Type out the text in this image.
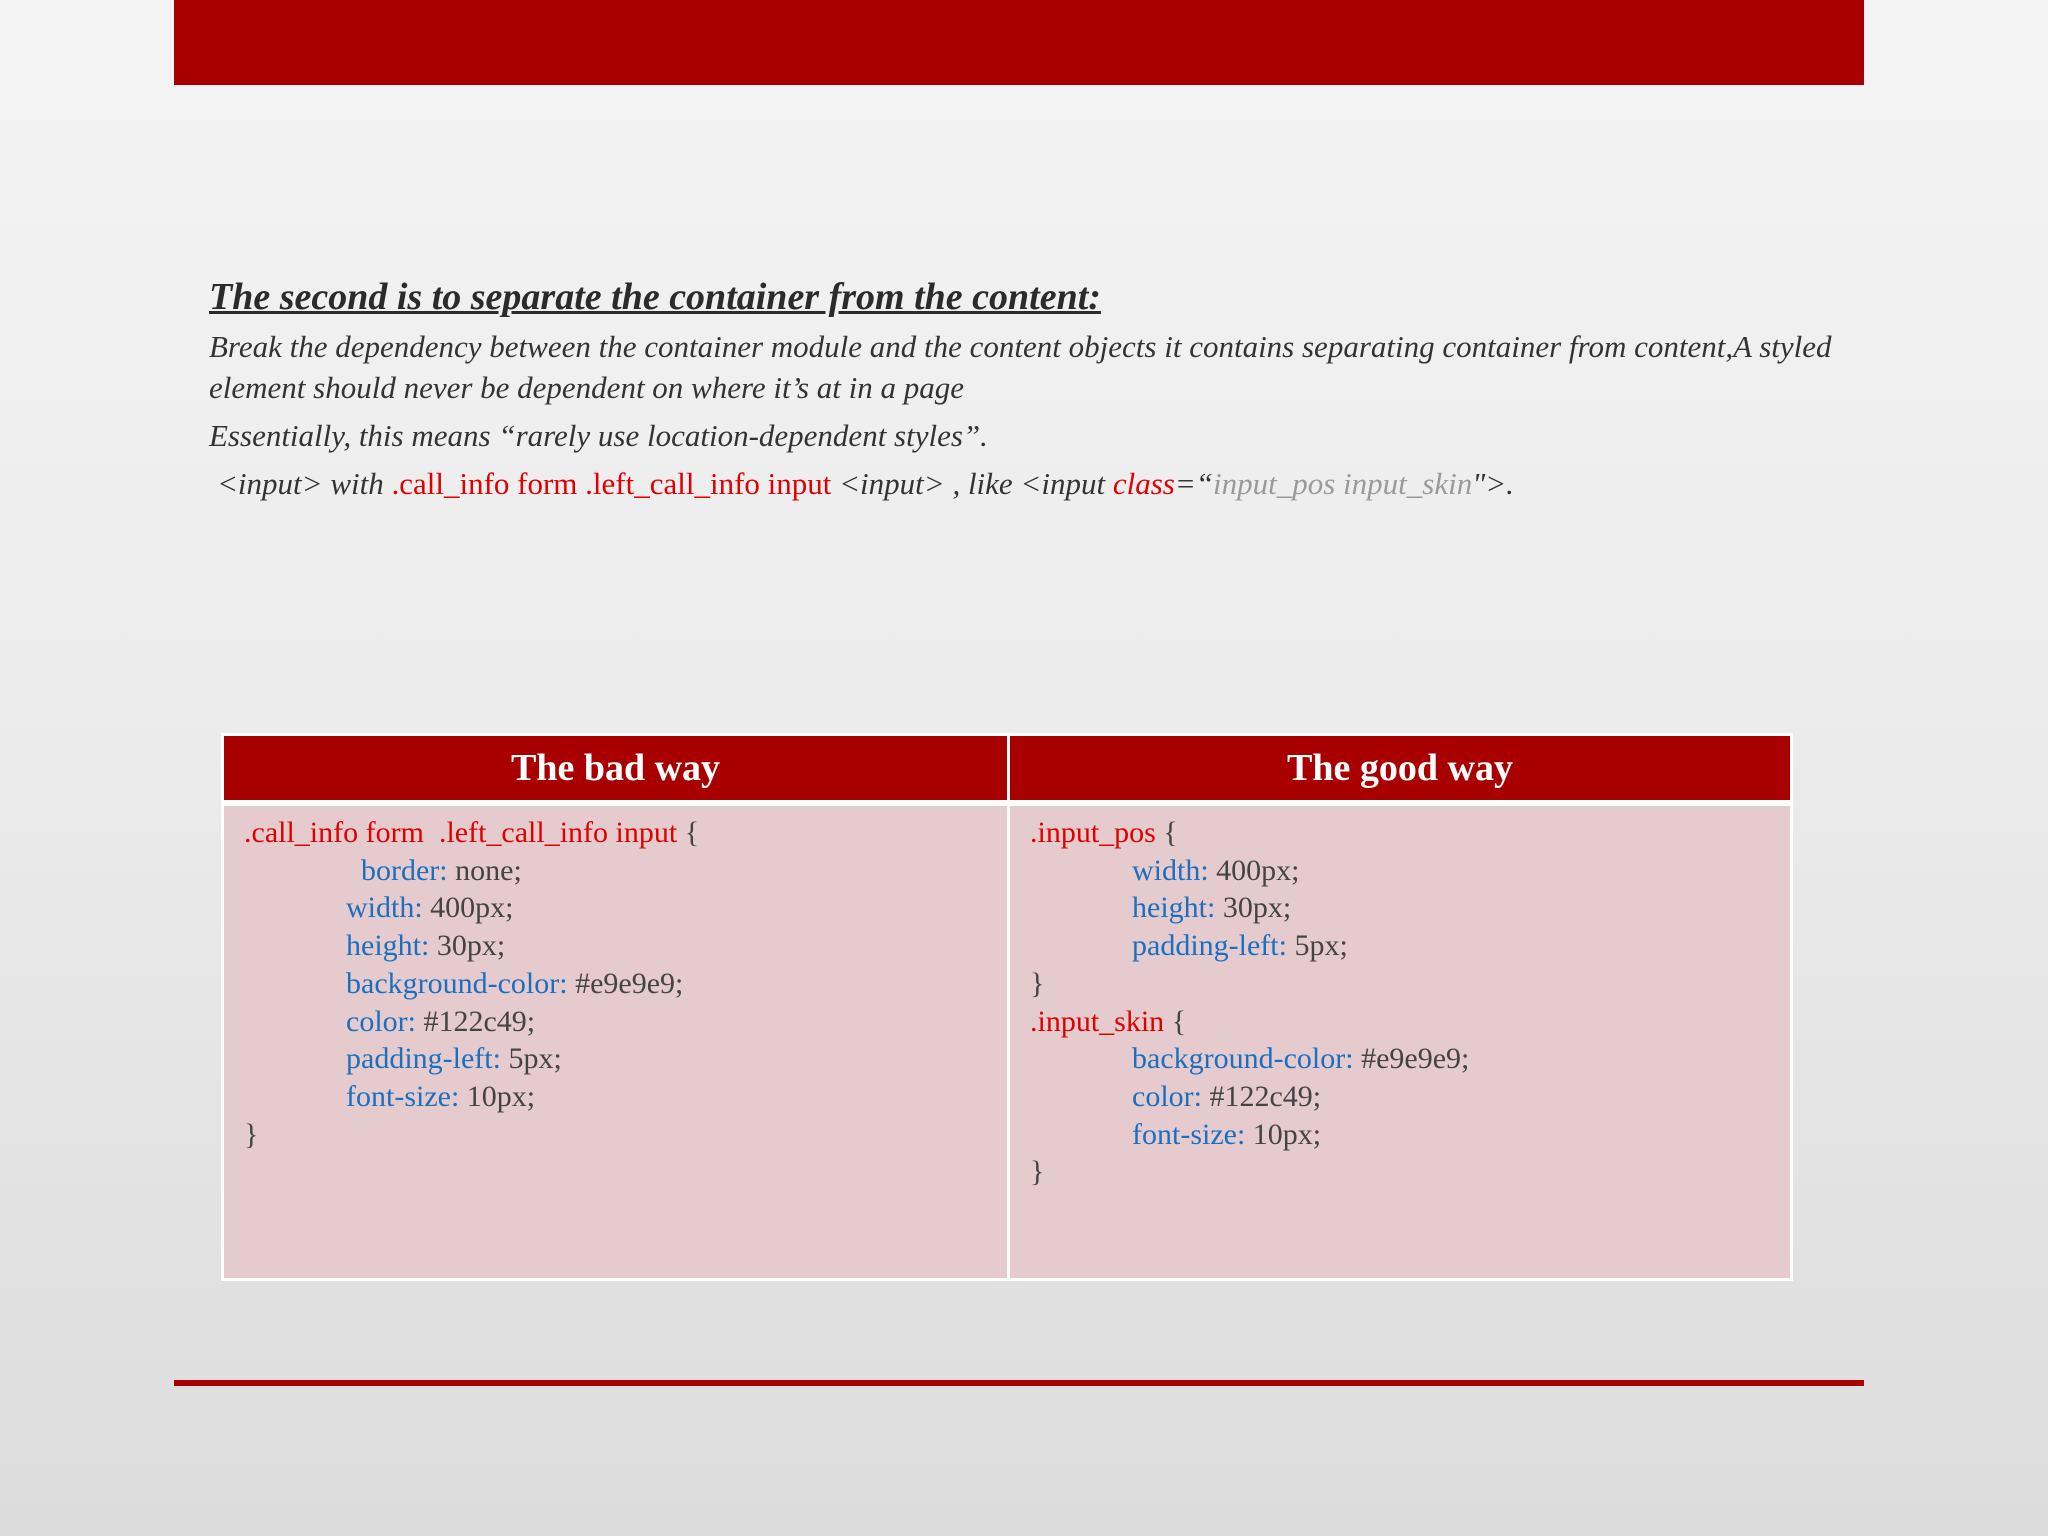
The second is to separate the container from the content:
Break the dependency between the container module and the content objects it contains separating container from content,A styled element should never be dependent on where it’s at in a page
Essentially, this means “rarely use location-dependent styles”.
<input> with .call_info form .left_call_info input <input> , like <input class=“input_pos input_skin">.
The bad way	The good way
.call_info form  .left_call_info input {
border: none;
width: 400px;
height: 30px;
background-color: #e9e9e9;
color: #122c49;
padding-left: 5px;
font-size: 10px;
}
.input_pos {
width: 400px;
height: 30px;
padding-left: 5px;
}
.input_skin {
background-color: #e9e9e9;
color: #122c49;
font-size: 10px;
}
